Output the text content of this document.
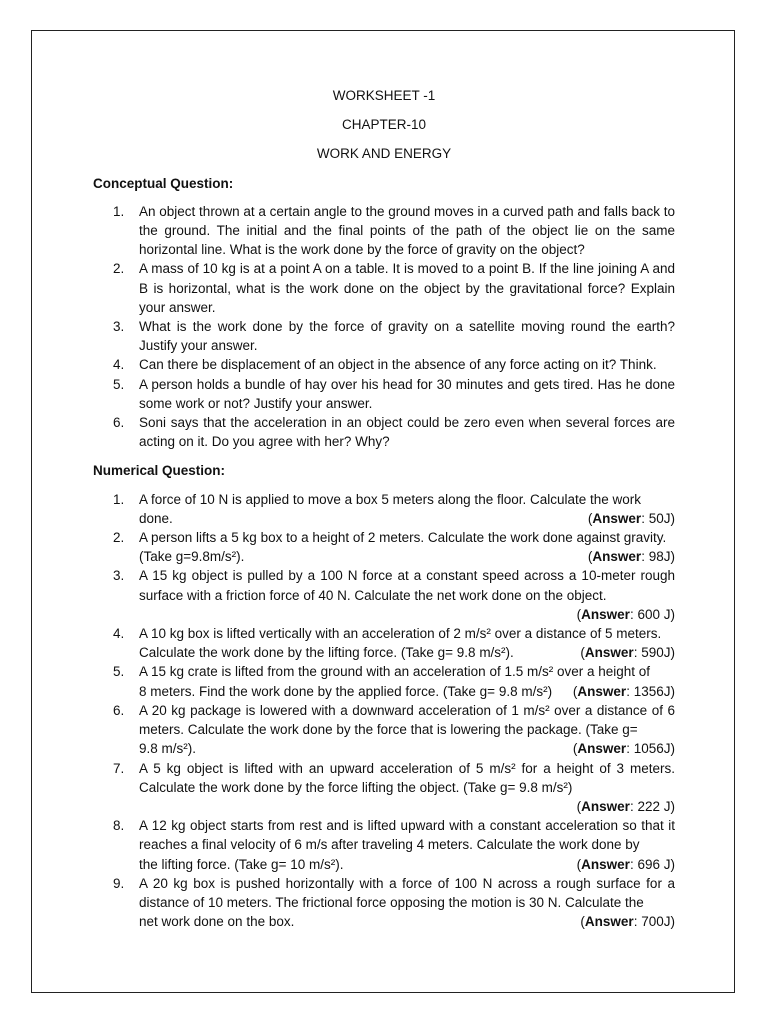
WORKSHEET -1

CHAPTER-10

WORK AND ENERGY

Conceptual Question:

1. An object thrown at a certain angle to the ground moves in a curved path and falls back to the ground. The initial and the final points of the path of the object lie on the same horizontal line. What is the work done by the force of gravity on the object?
2. A mass of 10 kg is at a point A on a table. It is moved to a point B. If the line joining A and B is horizontal, what is the work done on the object by the gravitational force? Explain your answer.
3. What is the work done by the force of gravity on a satellite moving round the earth? Justify your answer.
4. Can there be displacement of an object in the absence of any force acting on it? Think.
5. A person holds a bundle of hay over his head for 30 minutes and gets tired. Has he done some work or not? Justify your answer.
6. Soni says that the acceleration in an object could be zero even when several forces are acting on it. Do you agree with her? Why?

Numerical Question:

1. A force of 10 N is applied to move a box 5 meters along the floor. Calculate the work
done.	(Answer: 50J)
2. A person lifts a 5 kg box to a height of 2 meters. Calculate the work done against gravity.
(Take g=9.8m/s²).	(Answer: 98J)
3. A 15 kg object is pulled by a 100 N force at a constant speed across a 10-meter rough surface with a friction force of 40 N. Calculate the net work done on the object.
(Answer: 600 J)
4. A 10 kg box is lifted vertically with an acceleration of 2 m/s² over a distance of 5 meters.
Calculate the work done by the lifting force. (Take g= 9.8 m/s²).	(Answer: 590J)
5. A 15 kg crate is lifted from the ground with an acceleration of 1.5 m/s² over a height of
8 meters. Find the work done by the applied force. (Take g= 9.8 m/s²) (Answer: 1356J)
6. A 20 kg package is lowered with a downward acceleration of 1 m/s² over a distance of 6 meters. Calculate the work done by the force that is lowering the package. (Take g=
9.8 m/s²).	(Answer: 1056J)
7. A 5 kg object is lifted with an upward acceleration of 5 m/s² for a height of 3 meters. Calculate the work done by the force lifting the object. (Take g= 9.8 m/s²)
(Answer: 222 J)
8. A 12 kg object starts from rest and is lifted upward with a constant acceleration so that it reaches a final velocity of 6 m/s after traveling 4 meters. Calculate the work done by
the lifting force. (Take g= 10 m/s²).	(Answer: 696 J)
9. A 20 kg box is pushed horizontally with a force of 100 N across a rough surface for a distance of 10 meters. The frictional force opposing the motion is 30 N. Calculate the
net work done on the box.	(Answer: 700J)
